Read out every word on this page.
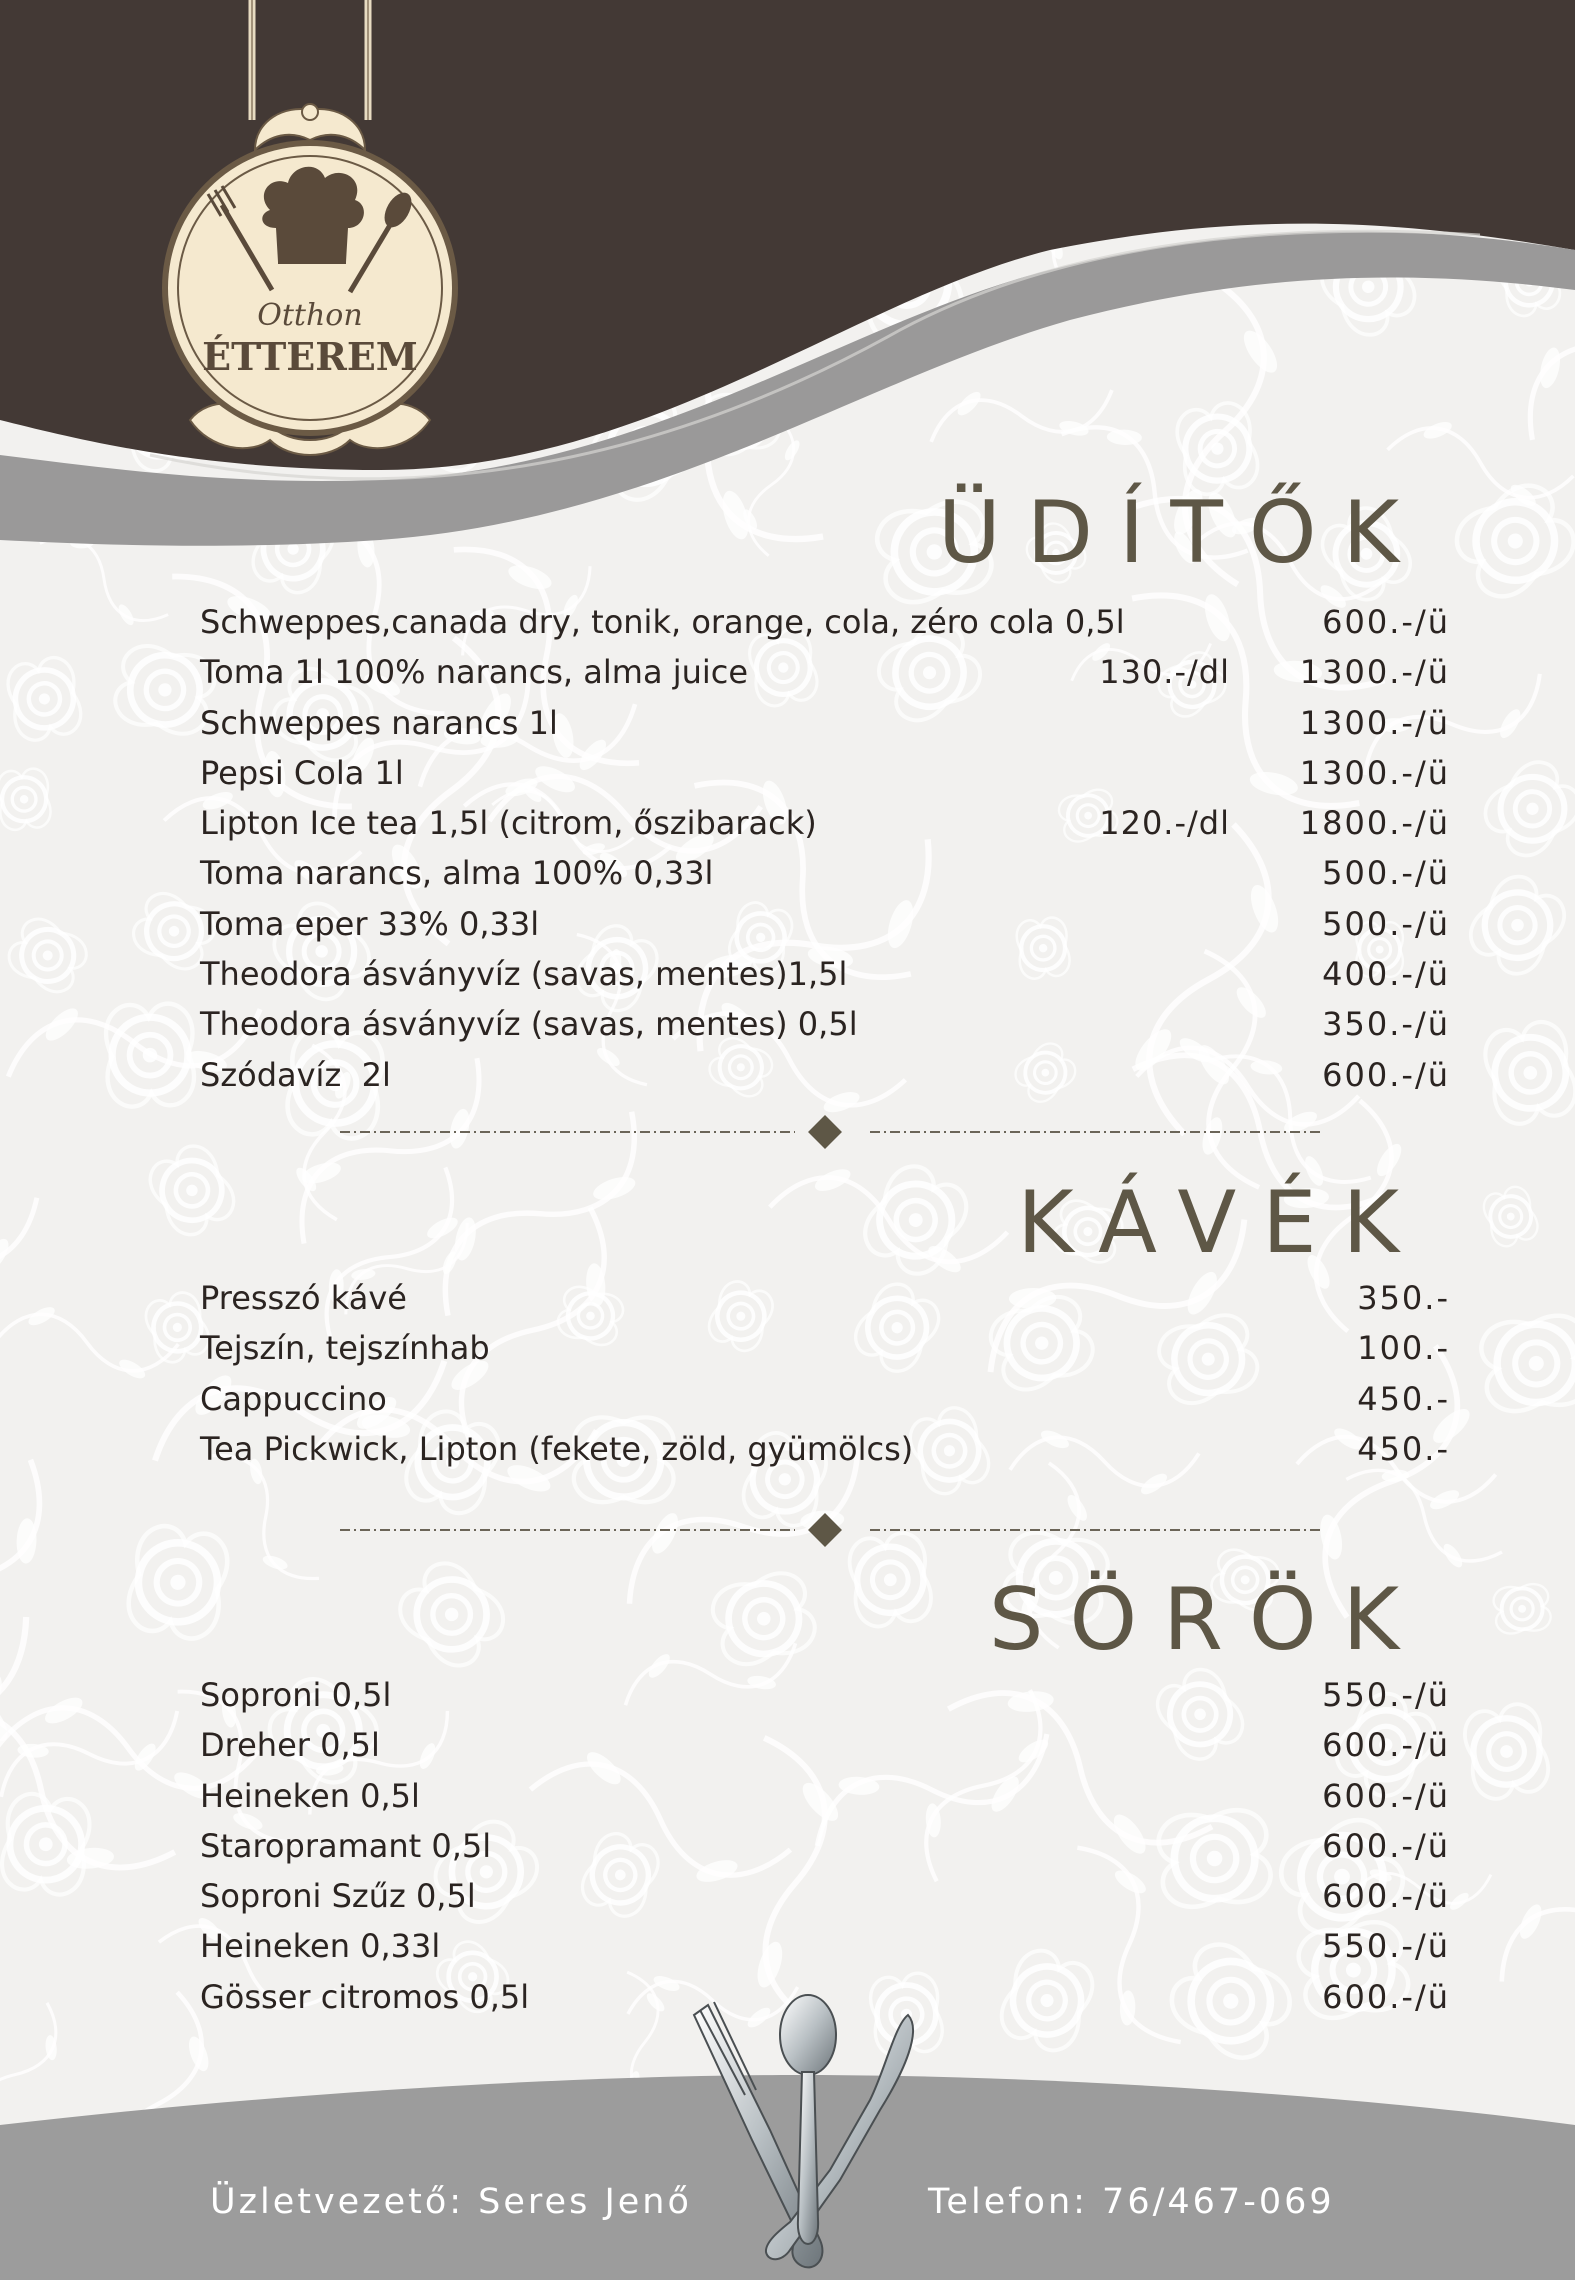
Otthon
ÉTTEREM
ÜDÍTŐK
Schweppes,canada dry, tonik, orange, cola, zéro cola 0,5l	600.-/ü
Toma 1l 100% narancs, alma juice	130.-/dl 1300.-/ü
Schweppes narancs 1l	1300.-/ü
Pepsi Cola 1l	1300.-/ü
Lipton Ice tea 1,5l (citrom, őszibarack)	120.-/dl 1800.-/ü
Toma narancs, alma 100% 0,33l	500.-/ü
Toma eper 33% 0,33l	500.-/ü
Theodora ásványvíz (savas, mentes)1,5l	400.-/ü
Theodora ásványvíz (savas, mentes) 0,5l	350.-/ü
Szódavíz  2l	600.-/ü
KÁVÉK
Presszó kávé	350.-
Tejszín, tejszínhab	100.-
Cappuccino	450.-
Tea Pickwick, Lipton (fekete, zöld, gyümölcs)	450.-
SÖRÖK
Soproni 0,5l	550.-/ü
Dreher 0,5l	600.-/ü
Heineken 0,5l	600.-/ü
Staropramant 0,5l	600.-/ü
Soproni Szűz 0,5l	600.-/ü
Heineken 0,33l	550.-/ü
Gösser citromos 0,5l	600.-/ü
Üzletvezető: Seres Jenő	Telefon: 76/467-069
